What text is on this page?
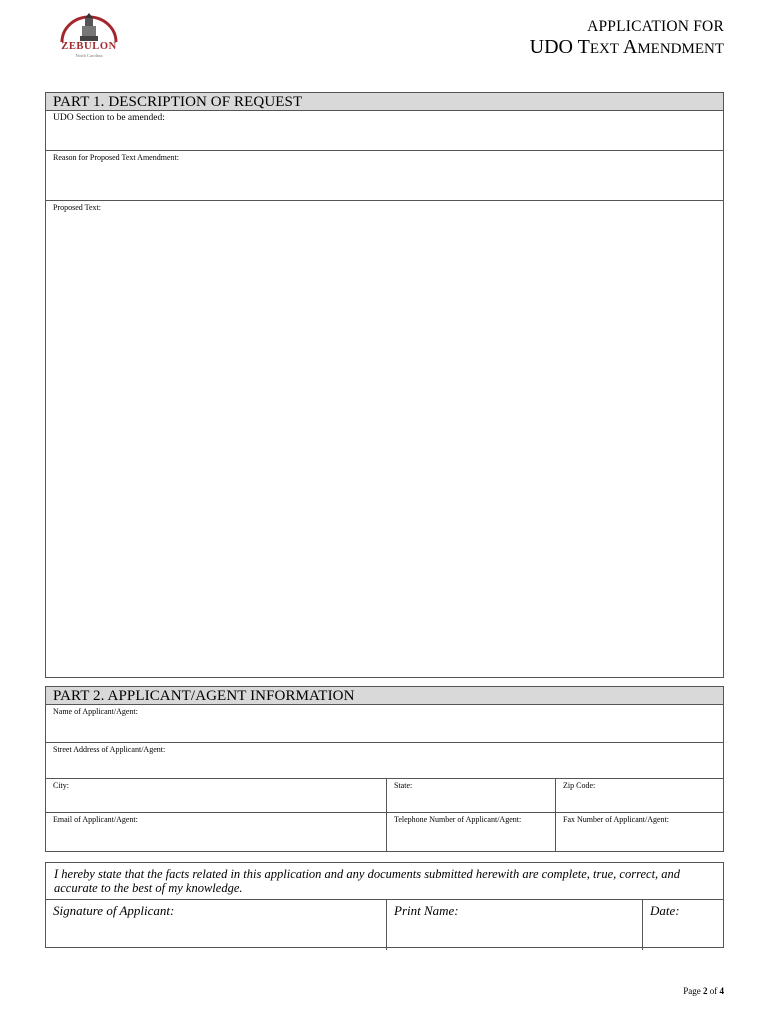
ZEBULON
North Carolina
APPLICATION FOR
UDO TEXT AMENDMENT
PART 1. DESCRIPTION OF REQUEST
UDO Section to be amended:
Reason for Proposed Text Amendment:
Proposed Text:
PART 2. APPLICANT/AGENT INFORMATION
Name of Applicant/Agent:
Street Address of Applicant/Agent:
City:	State:	Zip Code:
Email of Applicant/Agent:	Telephone Number of Applicant/Agent:	Fax Number of Applicant/Agent:
I hereby state that the facts related in this application and any documents submitted herewith are complete, true, correct, and accurate to the best of my knowledge.
Signature of Applicant:	Print Name:	Date:
Page 2 of 4
